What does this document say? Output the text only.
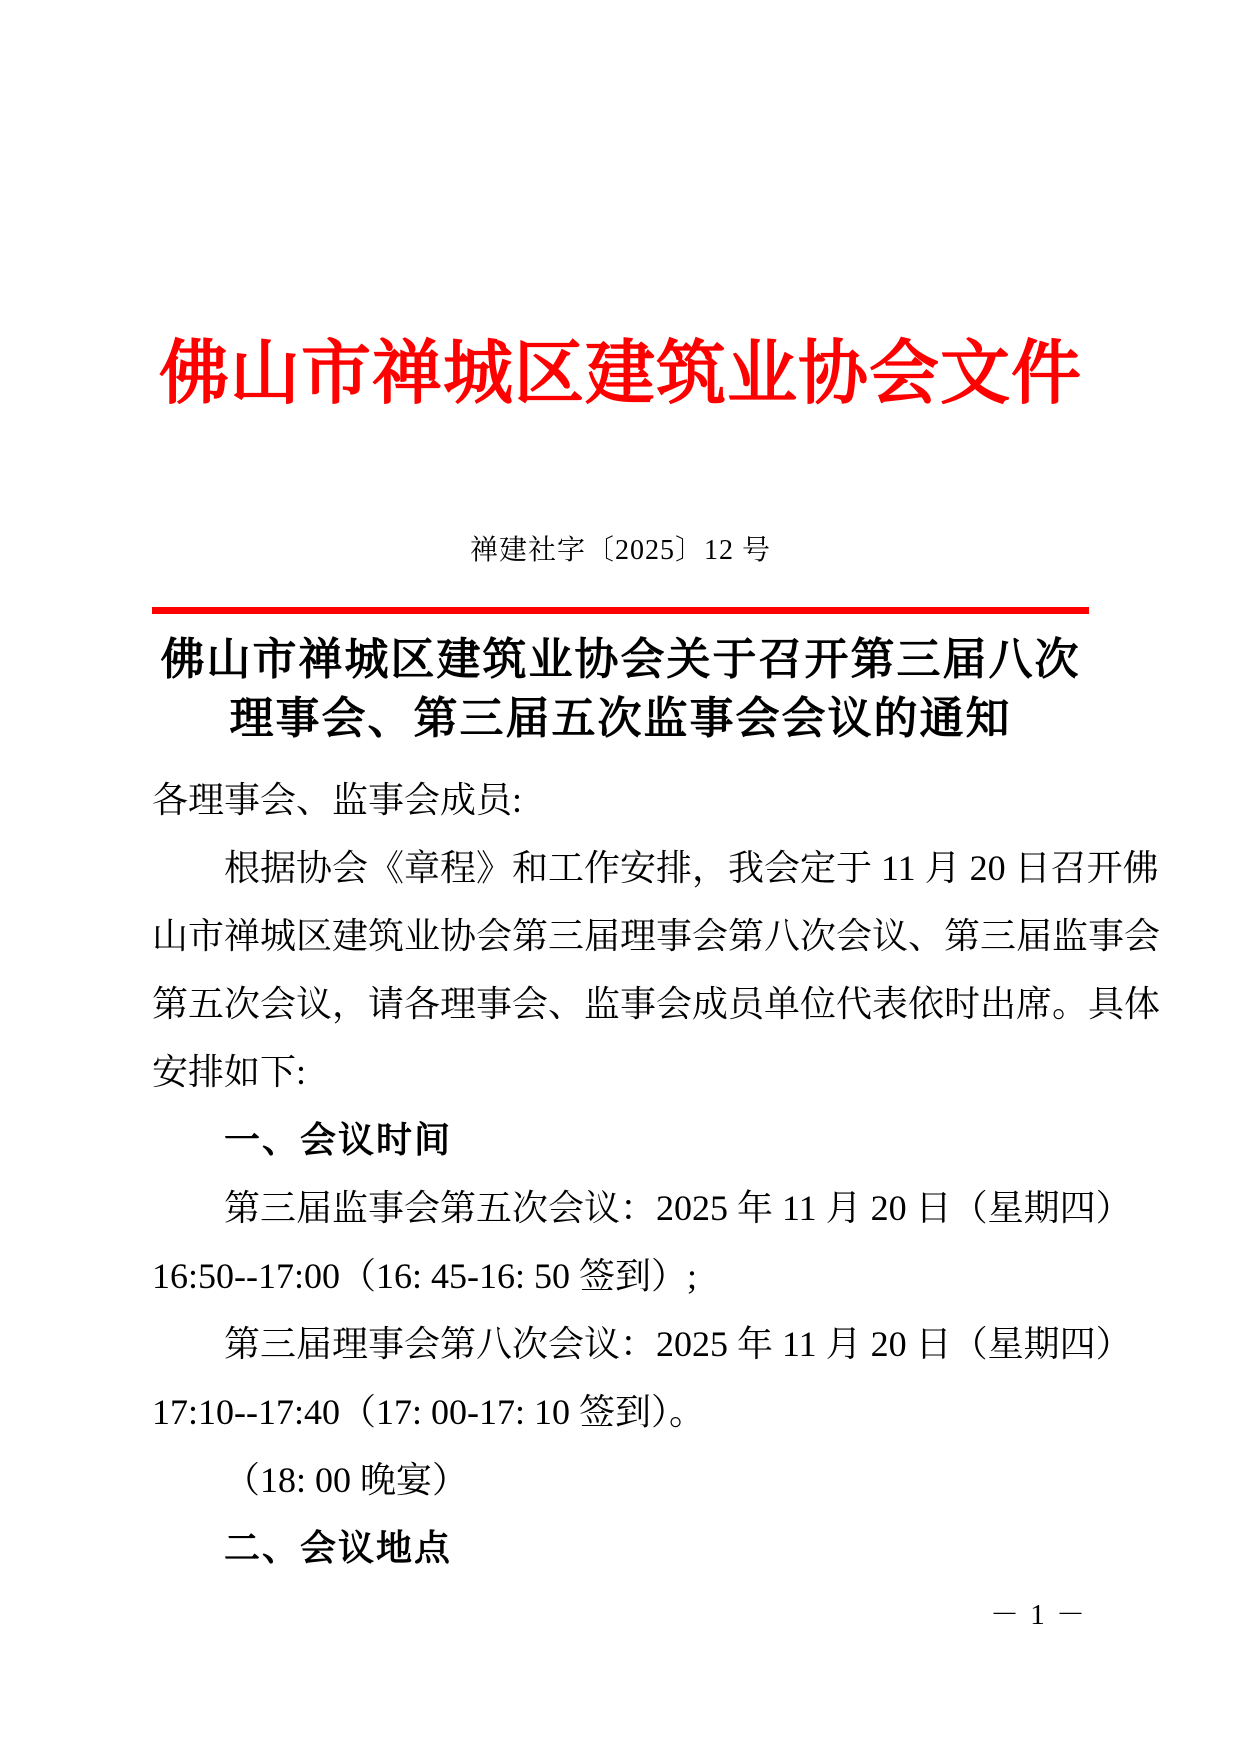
佛山市禅城区建筑业协会文件
禅建社字〔2025〕12 号
佛山市禅城区建筑业协会关于召开第三届八次
理事会、第三届五次监事会会议的通知
各理事会、监事会成员:
根据协会《章程》和工作安排，我会定于 11 月 20 日召开佛
山市禅城区建筑业协会第三届理事会第八次会议、第三届监事会
第五次会议，请各理事会、监事会成员单位代表依时出席。具体
安排如下:
一、会议时间
第三届监事会第五次会议：2025 年 11 月 20 日（星期四）
16:50--17:00（16: 45-16: 50 签到）;
第三届理事会第八次会议：2025 年 11 月 20 日（星期四）
17:10--17:40（17: 00-17: 10 签到）。
（18: 00 晚宴）
二、会议地点
－ 1 －
